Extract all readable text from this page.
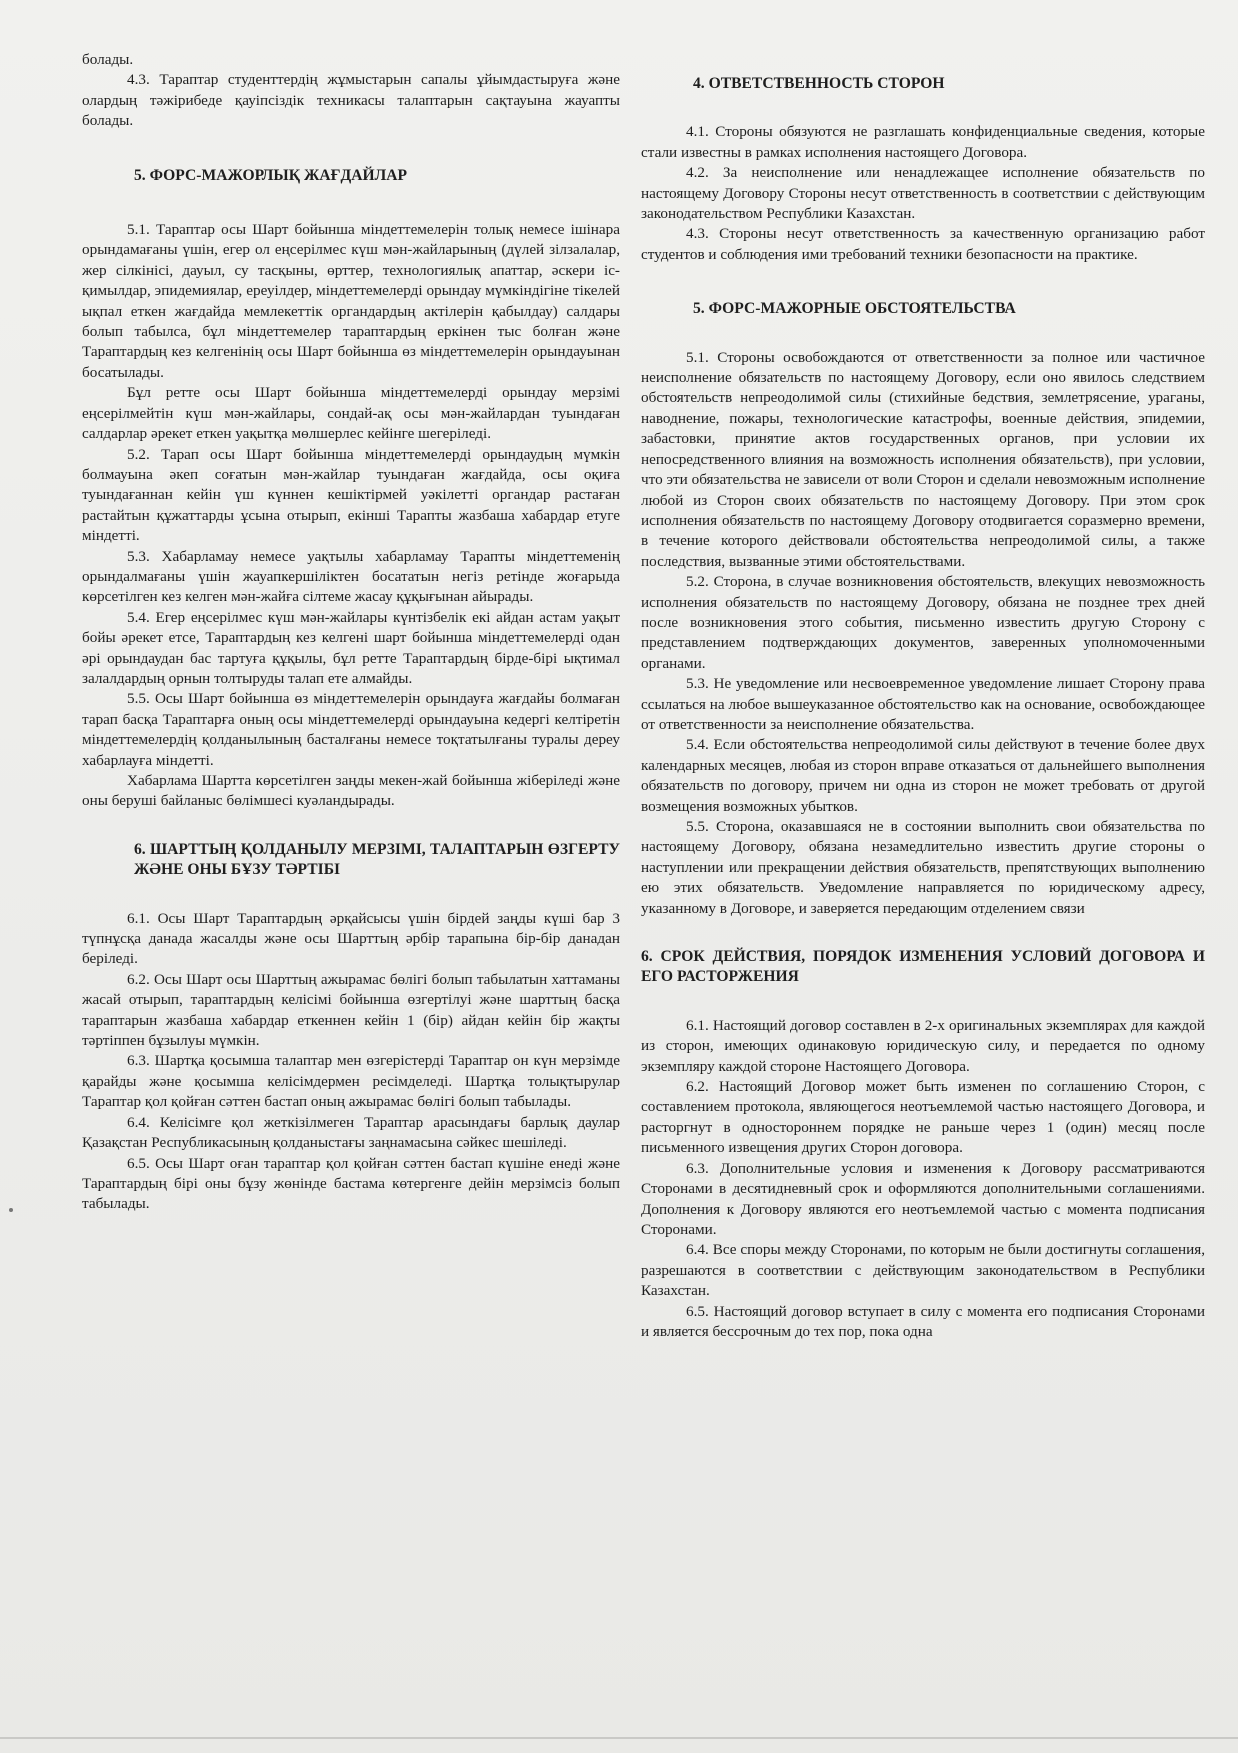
болады.

4.3. Тараптар студенттердің жұмыстарын сапалы ұйымдастыруға және олардың тәжірибеде қауіпсіздік техникасы талаптарын сақтауына жауапты болады.

5. ФОРС-МАЖОРЛЫҚ ЖАҒДАЙЛАР

5.1. Тараптар осы Шарт бойынша міндеттемелерін толық немесе ішінара орындамағаны үшін, егер ол еңсерілмес күш мән-жайларының (дүлей зілзалалар, жер сілкінісі, дауыл, су тасқыны, өрттер, технологиялық апаттар, әскери іс-қимылдар, эпидемиялар, ереуілдер, міндеттемелерді орындау мүмкіндігіне тікелей ықпал еткен жағдайда мемлекеттік органдардың актілерін қабылдау) салдары болып табылса, бұл міндеттемелер тараптардың еркінен тыс болған және Тараптардың кез келгенінің осы Шарт бойынша өз міндеттемелерін орындауынан босатылады.

Бұл ретте осы Шарт бойынша міндеттемелерді орындау мерзімі еңсерілмейтін күш мән-жайлары, сондай-ақ осы мән-жайлардан туындаған салдарлар әрекет еткен уақытқа мөлшерлес кейінге шегеріледі.

5.2. Тарап осы Шарт бойынша міндеттемелерді орындаудың мүмкін болмауына әкеп соғатын мән-жайлар туындаған жағдайда, осы оқиға туындағаннан кейін үш күннен кешіктірмей уәкілетті органдар растаған растайтын құжаттарды ұсына отырып, екінші Тарапты жазбаша хабардар етуге міндетті.

5.3. Хабарламау немесе уақтылы хабарламау Тарапты міндеттеменің орындалмағаны үшін жауапкершіліктен босататын негіз ретінде жоғарыда көрсетілген кез келген мән-жайға сілтеме жасау құқығынан айырады.

5.4. Егер еңсерілмес күш мән-жайлары күнтізбелік екі айдан астам уақыт бойы әрекет етсе, Тараптардың кез келгені шарт бойынша міндеттемелерді одан әрі орындаудан бас тартуға құқылы, бұл ретте Тараптардың бірде-бірі ықтимал залалдардың орнын толтыруды талап ете алмайды.

5.5. Осы Шарт бойынша өз міндеттемелерін орындауға жағдайы болмаған тарап басқа Тараптарға оның осы міндеттемелерді орындауына кедергі келтіретін міндеттемелердің қолданылының басталғаны немесе тоқтатылғаны туралы дереу хабарлауға міндетті.

Хабарлама Шартта көрсетілген заңды мекен-жай бойынша жіберіледі және оны беруші байланыс бөлімшесі куәландырады.

6. ШАРТТЫҢ ҚОЛДАНЫЛУ МЕРЗІМІ, ТАЛАПТАРЫН ӨЗГЕРТУ ЖӘНЕ ОНЫ БҰЗУ ТӘРТІБІ

6.1. Осы Шарт Тараптардың әрқайсысы үшін бірдей заңды күші бар 3 түпнұсқа данада жасалды және осы Шарттың әрбір тарапына бір-бір данадан беріледі.

6.2. Осы Шарт осы Шарттың ажырамас бөлігі болып табылатын хаттаманы жасай отырып, тараптардың келісімі бойынша өзгертілуі және шарттың басқа тараптарын жазбаша хабардар еткеннен кейін 1 (бір) айдан кейін бір жақты тәртіппен бұзылуы мүмкін.

6.3. Шартқа қосымша талаптар мен өзгерістерді Тараптар он күн мерзімде қарайды және қосымша келісімдермен ресімделеді. Шартқа толықтырулар Тараптар қол қойған сәттен бастап оның ажырамас бөлігі болып табылады.

6.4. Келісімге қол жеткізілмеген Тараптар арасындағы барлық даулар Қазақстан Республикасының қолданыстағы заңнамасына сәйкес шешіледі.

6.5. Осы Шарт оған тараптар қол қойған сәттен бастап күшіне енеді және Тараптардың бірі оны бұзу жөнінде бастама көтергенге дейін мерзімсіз болып табылады.

4. ОТВЕТСТВЕННОСТЬ СТОРОН

4.1. Стороны обязуются не разглашать конфиденциальные сведения, которые стали известны в рамках исполнения настоящего Договора.

4.2. За неисполнение или ненадлежащее исполнение обязательств по настоящему Договору Стороны несут ответственность в соответствии с действующим законодательством Республики Казахстан.

4.3. Стороны несут ответственность за качественную организацию работ студентов и соблюдения ими требований техники безопасности на практике.

5. ФОРС-МАЖОРНЫЕ ОБСТОЯТЕЛЬСТВА

5.1. Стороны освобождаются от ответственности за полное или частичное неисполнение обязательств по настоящему Договору, если оно явилось следствием обстоятельств непреодолимой силы (стихийные бедствия, землетрясение, ураганы, наводнение, пожары, технологические катастрофы, военные действия, эпидемии, забастовки, принятие актов государственных органов, при условии их непосредственного влияния на возможность исполнения обязательств), при условии, что эти обязательства не зависели от воли Сторон и сделали невозможным исполнение любой из Сторон своих обязательств по настоящему Договору. При этом срок исполнения обязательств по настоящему Договору отодвигается соразмерно времени, в течение которого действовали обстоятельства непреодолимой силы, а также последствия, вызванные этими обстоятельствами.

5.2. Сторона, в случае возникновения обстоятельств, влекущих невозможность исполнения обязательств по настоящему Договору, обязана не позднее трех дней после возникновения этого события, письменно известить другую Сторону с представлением подтверждающих документов, заверенных уполномоченными органами.

5.3. Не уведомление или несвоевременное уведомление лишает Сторону права ссылаться на любое вышеуказанное обстоятельство как на основание, освобождающее от ответственности за неисполнение обязательства.

5.4. Если обстоятельства непреодолимой силы действуют в течение более двух календарных месяцев, любая из сторон вправе отказаться от дальнейшего выполнения обязательств по договору, причем ни одна из сторон не может требовать от другой возмещения возможных убытков.

5.5. Сторона, оказавшаяся не в состоянии выполнить свои обязательства по настоящему Договору, обязана незамедлительно известить другие стороны о наступлении или прекращении действия обязательств, препятствующих выполнению ею этих обязательств. Уведомление направляется по юридическому адресу, указанному в Договоре, и заверяется передающим отделением связи

6. СРОК ДЕЙСТВИЯ, ПОРЯДОК ИЗМЕНЕНИЯ УСЛОВИЙ ДОГОВОРА И ЕГО РАСТОРЖЕНИЯ

6.1. Настоящий договор составлен в 2-х оригинальных экземплярах для каждой из сторон, имеющих одинаковую юридическую силу, и передается по одному экземпляру каждой стороне Настоящего Договора.

6.2. Настоящий Договор может быть изменен по соглашению Сторон, с составлением протокола, являющегося неотъемлемой частью настоящего Договора, и расторгнут в одностороннем порядке не раньше через 1 (один) месяц после письменного извещения других Сторон договора.

6.3. Дополнительные условия и изменения к Договору рассматриваются Сторонами в десятидневный срок и оформляются дополнительными соглашениями. Дополнения к Договору являются его неотъемлемой частью с момента подписания Сторонами.

6.4. Все споры между Сторонами, по которым не были достигнуты соглашения, разрешаются в соответствии с действующим законодательством в Республики Казахстан.

6.5. Настоящий договор вступает в силу с момента его подписания Сторонами и является бессрочным до тех пор, пока одна
